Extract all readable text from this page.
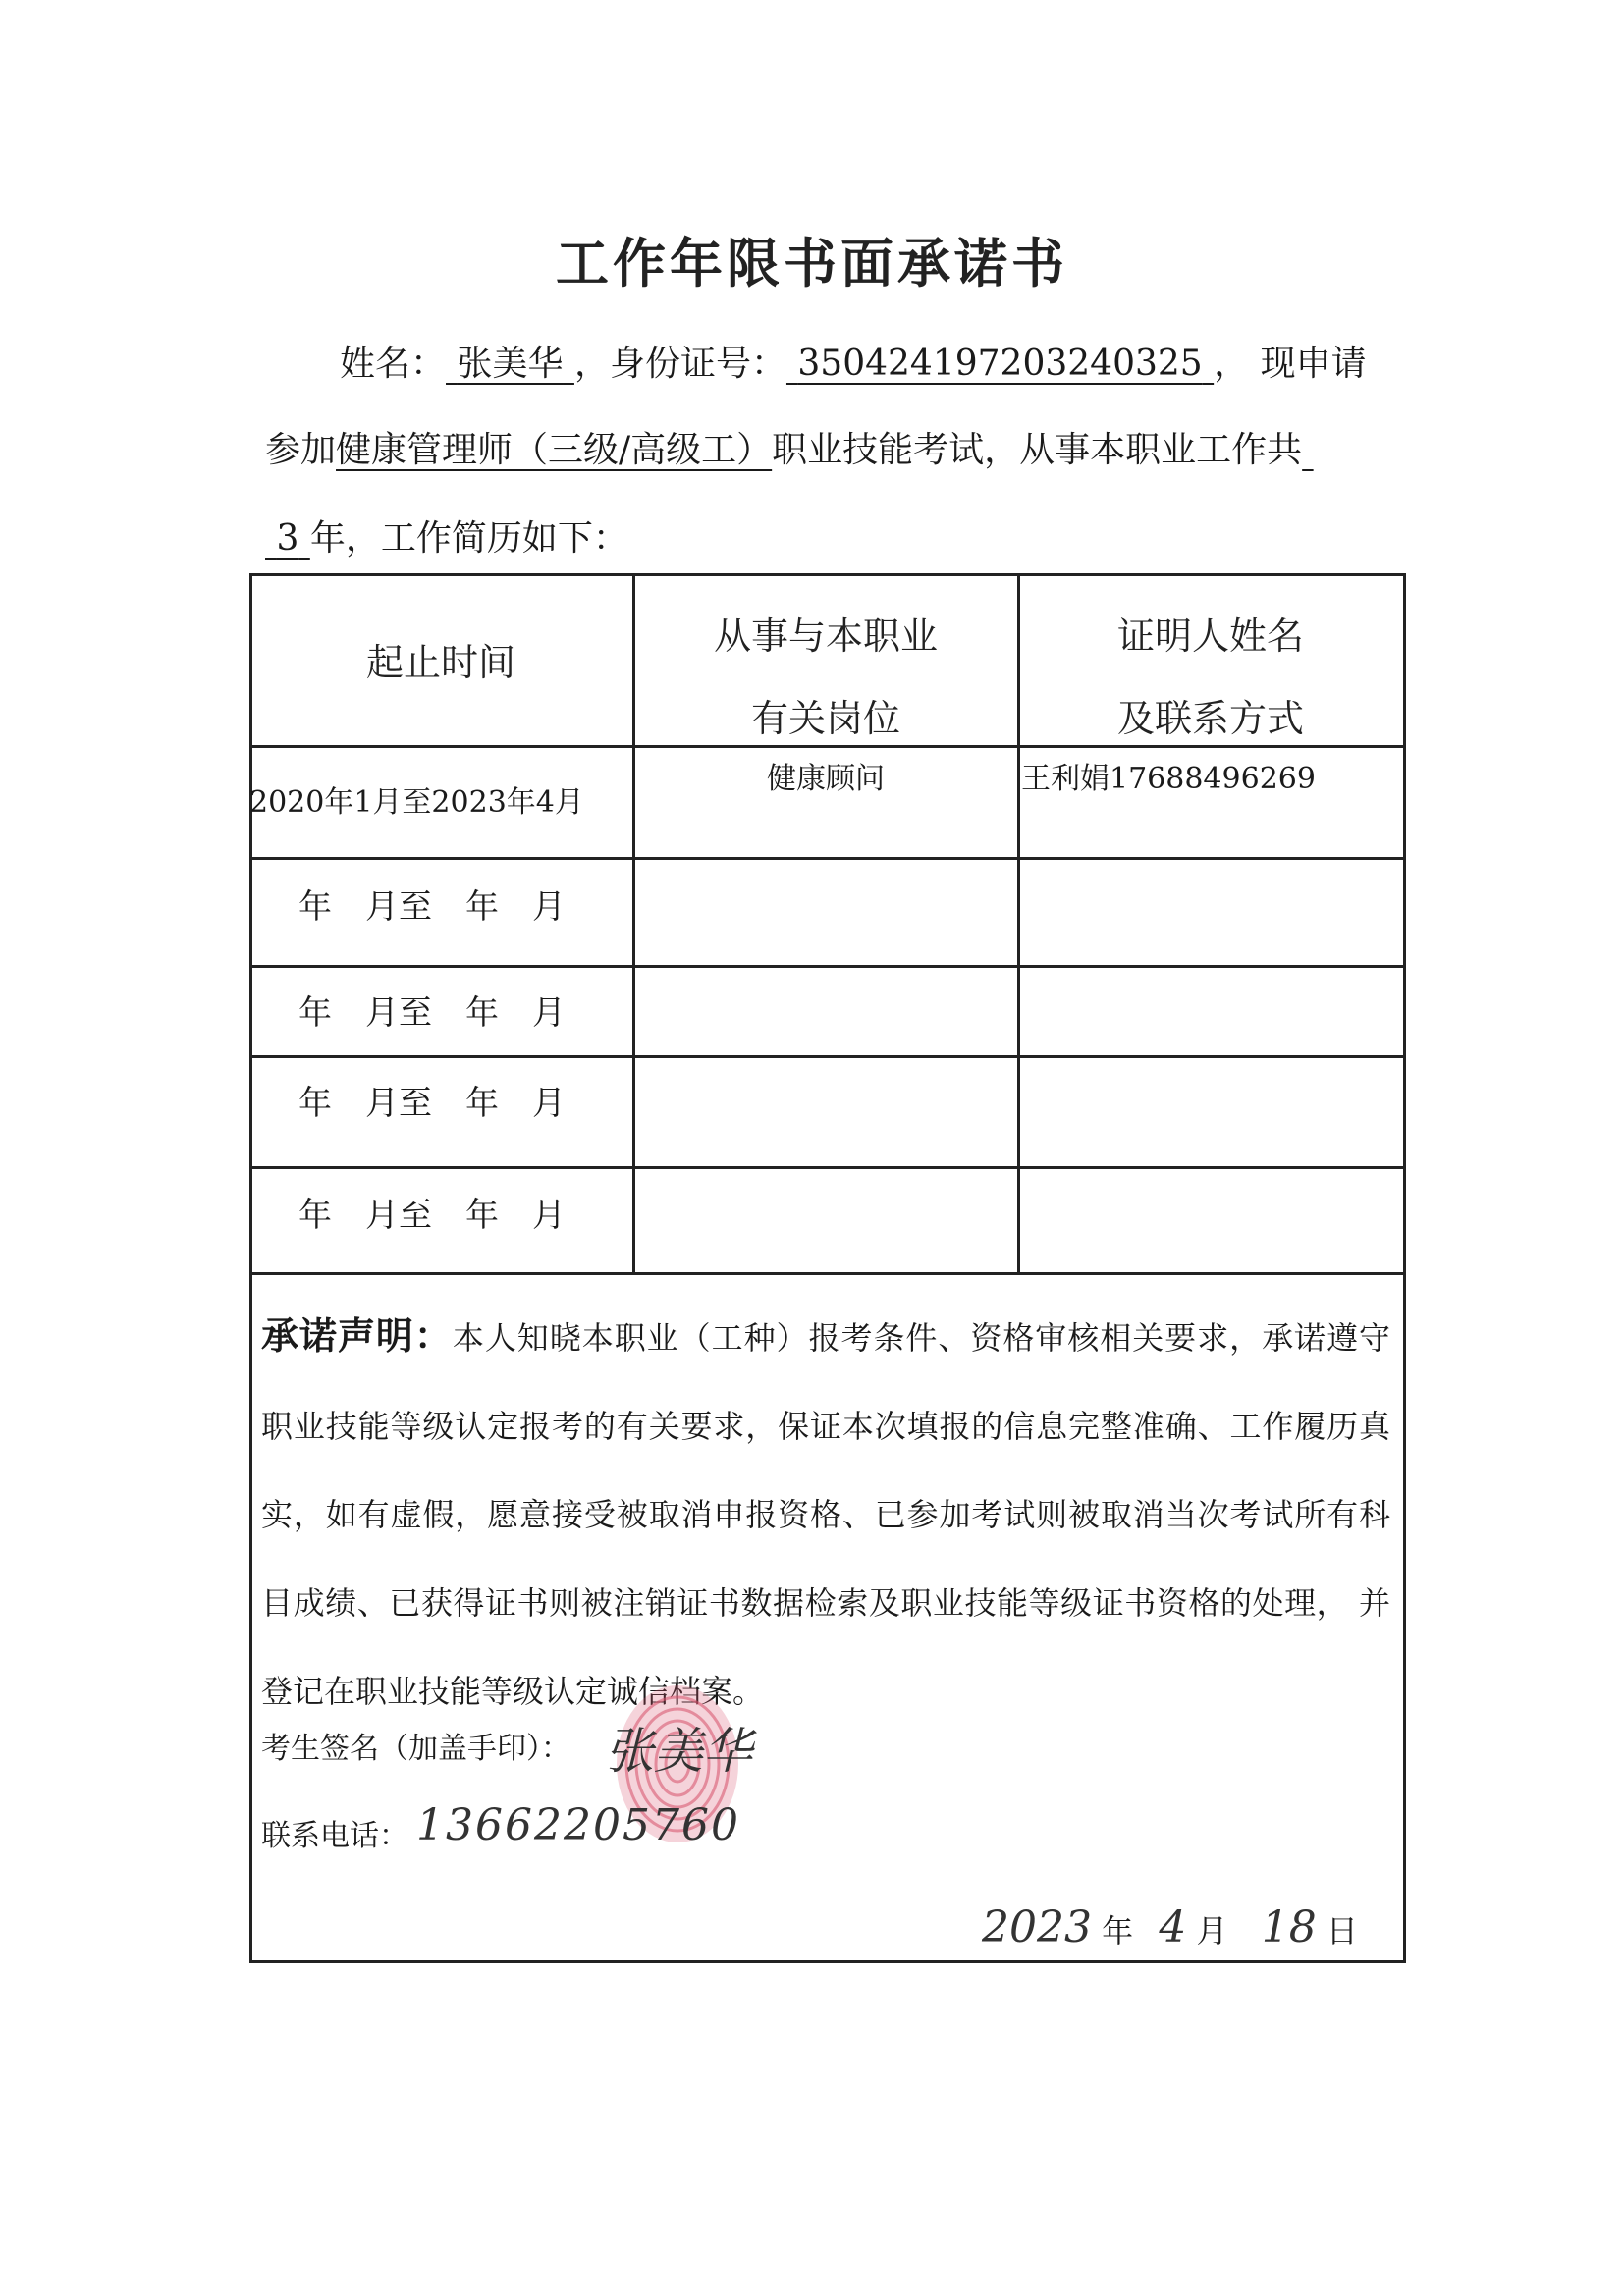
工作年限书面承诺书
姓名： 张美华 ，身份证号： 350424197203240325 ， 现申请
参加健康管理师（三级/高级工）职业技能考试，从事本职业工作共
3 年，工作简历如下：
起止时间
从事与本职业
有关岗位
证明人姓名
及联系方式
2020年1月至2023年4月
健康顾问	王利娟17688496269
年　月至　年　月
年　月至　年　月
年　月至　年　月
年　月至　年　月
承诺声明：本人知晓本职业（工种）报考条件、资格审核相关要求，承诺遵守职业技能等级认定报考的有关要求，保证本次填报的信息完整准确、工作履历真实，如有虚假，愿意接受被取消申报资格、已参加考试则被取消当次考试所有科目成绩、已获得证书则被注销证书数据检索及职业技能等级证书资格的处理， 并登记在职业技能等级认定诚信档案。
考生签名（加盖手印）： 张美华
联系电话： 13662205760
2023 年 4 月 18 日
